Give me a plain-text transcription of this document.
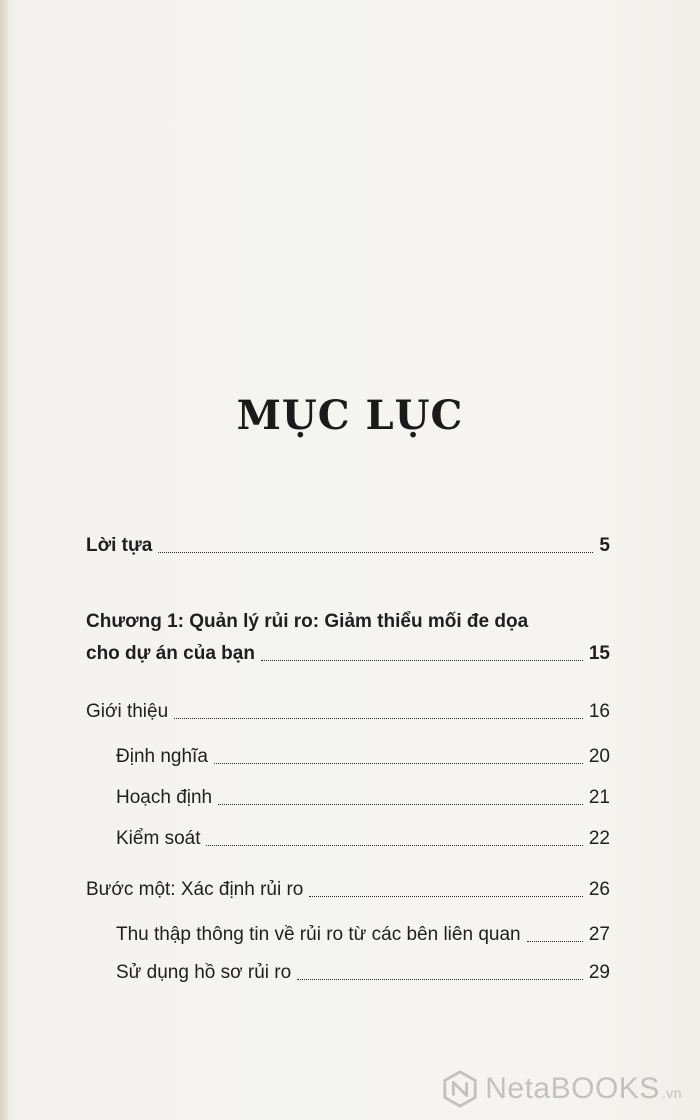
MỤC LỤC
Lời tựa	5
Chương 1: Quản lý rủi ro: Giảm thiểu mối đe dọa
cho dự án của bạn	15
Giới thiệu	16
Định nghĩa	20
Hoạch định	21
Kiểm soát	22
Bước một: Xác định rủi ro	26
Thu thập thông tin về rủi ro từ các bên liên quan	27
Sử dụng hồ sơ rủi ro	29
NetaBOOKS .vn
